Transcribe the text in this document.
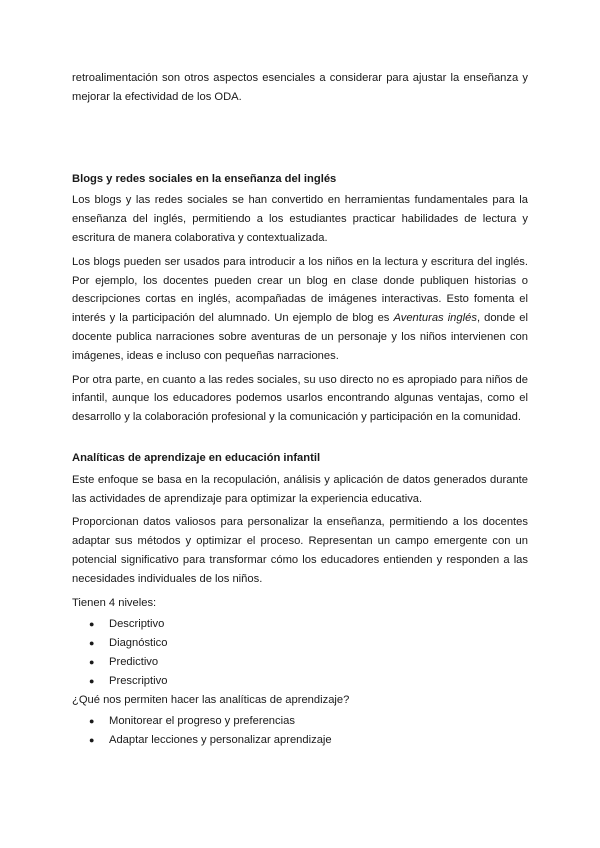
retroalimentación son otros aspectos esenciales a considerar para ajustar la enseñanza y mejorar la efectividad de los ODA.

Blogs y redes sociales en la enseñanza del inglés

Los blogs y las redes sociales se han convertido en herramientas fundamentales para la enseñanza del inglés, permitiendo a los estudiantes practicar habilidades de lectura y escritura de manera colaborativa y contextualizada.

Los blogs pueden ser usados para introducir a los niños en la lectura y escritura del inglés. Por ejemplo, los docentes pueden crear un blog en clase donde publiquen historias o descripciones cortas en inglés, acompañadas de imágenes interactivas. Esto fomenta el interés y la participación del alumnado. Un ejemplo de blog es Aventuras inglés, donde el docente publica narraciones sobre aventuras de un personaje y los niños intervienen con imágenes, ideas e incluso con pequeñas narraciones.

Por otra parte, en cuanto a las redes sociales, su uso directo no es apropiado para niños de infantil, aunque los educadores podemos usarlos encontrando algunas ventajas, como el desarrollo y la colaboración profesional y la comunicación y participación en la comunidad.

Analíticas de aprendizaje en educación infantil

Este enfoque se basa en la recopulación, análisis y aplicación de datos generados durante las actividades de aprendizaje para optimizar la experiencia educativa.

Proporcionan datos valiosos para personalizar la enseñanza, permitiendo a los docentes adaptar sus métodos y optimizar el proceso. Representan un campo emergente con un potencial significativo para transformar cómo los educadores entienden y responden a las necesidades individuales de los niños.

Tienen 4 niveles:

● Descriptivo
● Diagnóstico
● Predictivo
● Prescriptivo

¿Qué nos permiten hacer las analíticas de aprendizaje?

● Monitorear el progreso y preferencias
● Adaptar lecciones y personalizar aprendizaje
